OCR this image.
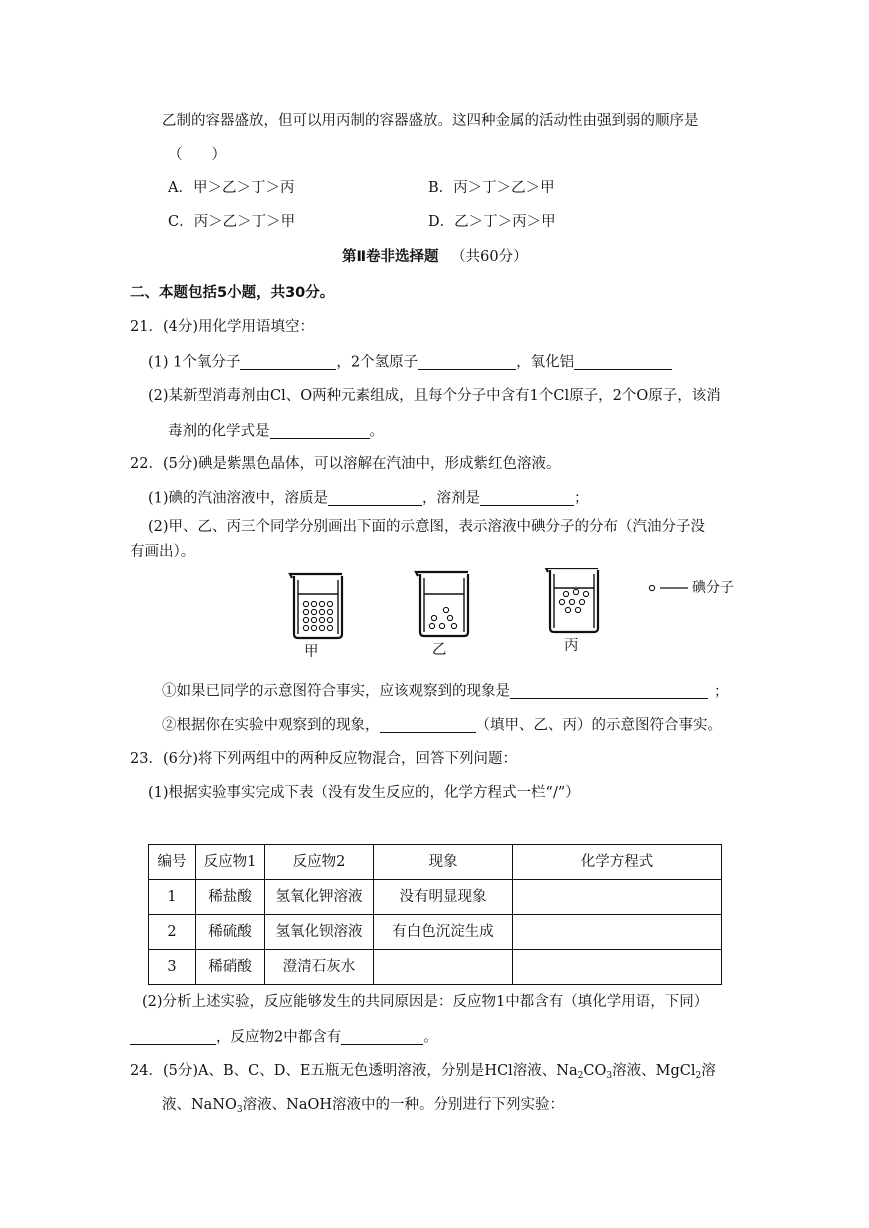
乙制的容器盛放，但可以用丙制的容器盛放。这四种金属的活动性由强到弱的顺序是
（　　）
A．甲＞乙＞丁＞丙	B．丙＞丁＞乙＞甲
C．丙＞乙＞丁＞甲	D．乙＞丁＞丙＞甲
第Ⅱ卷非选择题 （共60分）
二、本题包括5小题，共30分。
21．(4分)用化学用语填空：
(1) 1个氧分子	，2个氢原子	，氧化铝
(2)某新型消毒剂由Cl、O两种元素组成，且每个分子中含有1个Cl原子，2个O原子，该消
毒剂的化学式是	。
22．(5分)碘是紫黑色晶体，可以溶解在汽油中，形成紫红色溶液。
(1)碘的汽油溶液中，溶质是	，溶剂是	；
(2)甲、乙、丙三个同学分别画出下面的示意图，表示溶液中碘分子的分布（汽油分子没
有画出）。
碘分子
甲	乙	丙
①如果已同学的示意图符合事实，应该观察到的现象是	；
②根据你在实验中观察到的现象，	（填甲、乙、丙）的示意图符合事实。
23．(6分)将下列两组中的两种反应物混合，回答下列问题：
(1)根据实验事实完成下表（没有发生反应的，化学方程式一栏“/”）
编号	反应物1	反应物2	现象	化学方程式
1	稀盐酸	氢氧化钾溶液	没有明显现象	
2	稀硫酸	氢氧化钡溶液	有白色沉淀生成	
3	稀硝酸	澄清石灰水		
(2)分析上述实验，反应能够发生的共同原因是：反应物1中都含有（填化学用语，下同）
，反应物2中都含有	。
24．(5分)A、B、C、D、E五瓶无色透明溶液，分别是HCl溶液、$Na_2CO_3$溶液、MgCl$_2$溶
液、NaNO$_3$溶液、NaOH溶液中的一种。分别进行下列实验：
